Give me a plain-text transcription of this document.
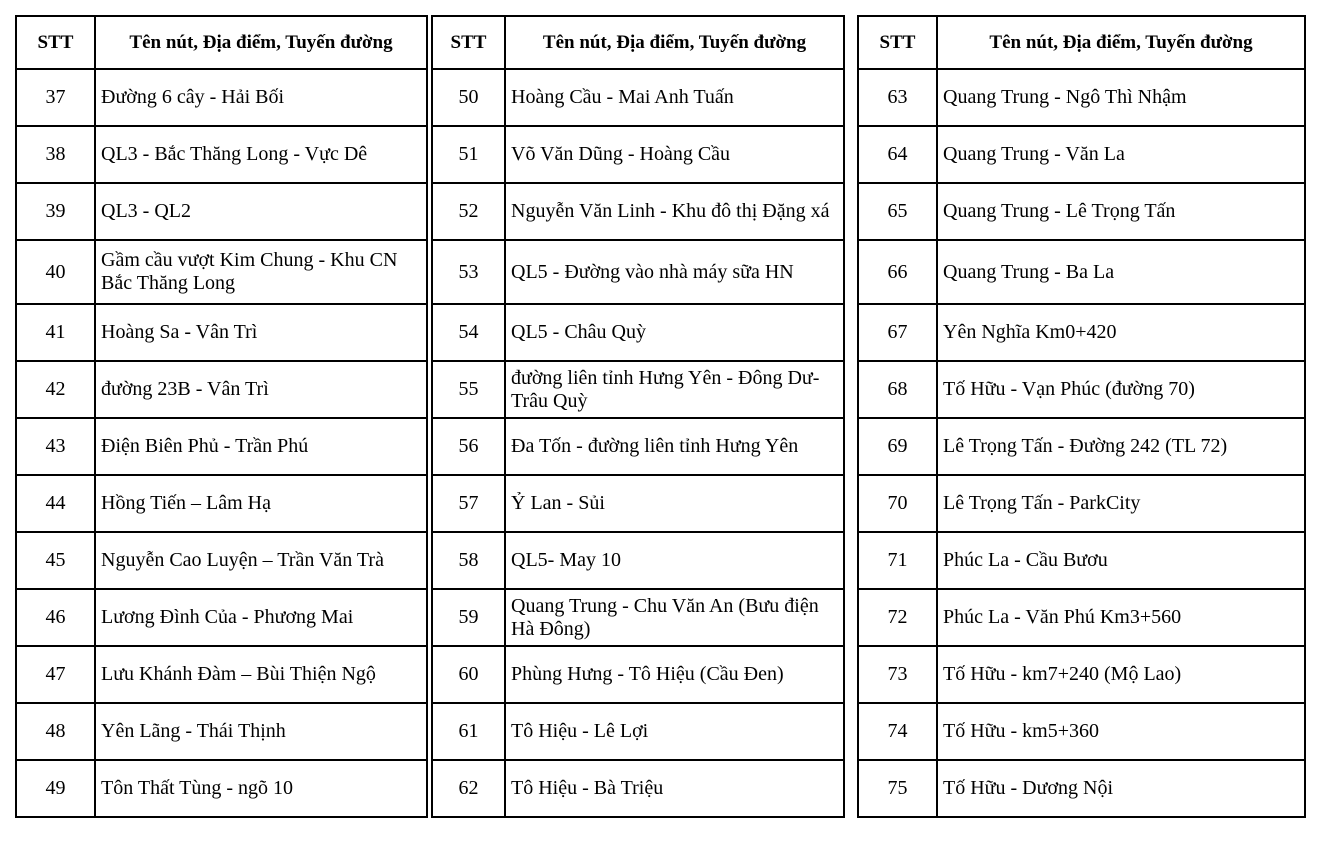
STT	Tên nút, Địa điểm, Tuyến đường
37	Đường 6 cây - Hải Bối
38	QL3 - Bắc Thăng Long - Vực Dê
39	QL3 - QL2
40	Gầm cầu vượt Kim Chung - Khu CN Bắc Thăng Long
41	Hoàng Sa - Vân Trì
42	đường 23B - Vân Trì
43	Điện Biên Phủ - Trần Phú
44	Hồng Tiến – Lâm Hạ
45	Nguyễn Cao Luyện – Trần Văn Trà
46	Lương Đình Của - Phương Mai
47	Lưu Khánh Đàm – Bùi Thiện Ngộ
48	Yên Lãng - Thái Thịnh
49	Tôn Thất Tùng - ngõ 10
STT	Tên nút, Địa điểm, Tuyến đường
50	Hoàng Cầu - Mai Anh Tuấn
51	Võ Văn Dũng - Hoàng Cầu
52	Nguyễn Văn Linh - Khu đô thị Đặng xá
53	QL5 - Đường vào nhà máy sữa HN
54	QL5 - Châu Quỳ
55	đường liên tỉnh Hưng Yên - Đông Dư- Trâu Quỳ
56	Đa Tốn - đường liên tỉnh Hưng Yên
57	Ỷ Lan - Sủi
58	QL5- May 10
59	Quang Trung - Chu Văn An (Bưu điện Hà Đông)
60	Phùng Hưng - Tô Hiệu (Cầu Đen)
61	Tô Hiệu - Lê Lợi
62	Tô Hiệu - Bà Triệu
STT	Tên nút, Địa điểm, Tuyến đường
63	Quang Trung - Ngô Thì Nhậm
64	Quang Trung - Văn La
65	Quang Trung - Lê Trọng Tấn
66	Quang Trung - Ba La
67	Yên Nghĩa Km0+420
68	Tố Hữu - Vạn Phúc (đường 70)
69	Lê Trọng Tấn - Đường 242 (TL 72)
70	Lê Trọng Tấn - ParkCity
71	Phúc La - Cầu Bươu
72	Phúc La - Văn Phú Km3+560
73	Tố Hữu - km7+240 (Mộ Lao)
74	Tố Hữu - km5+360
75	Tố Hữu - Dương Nội
